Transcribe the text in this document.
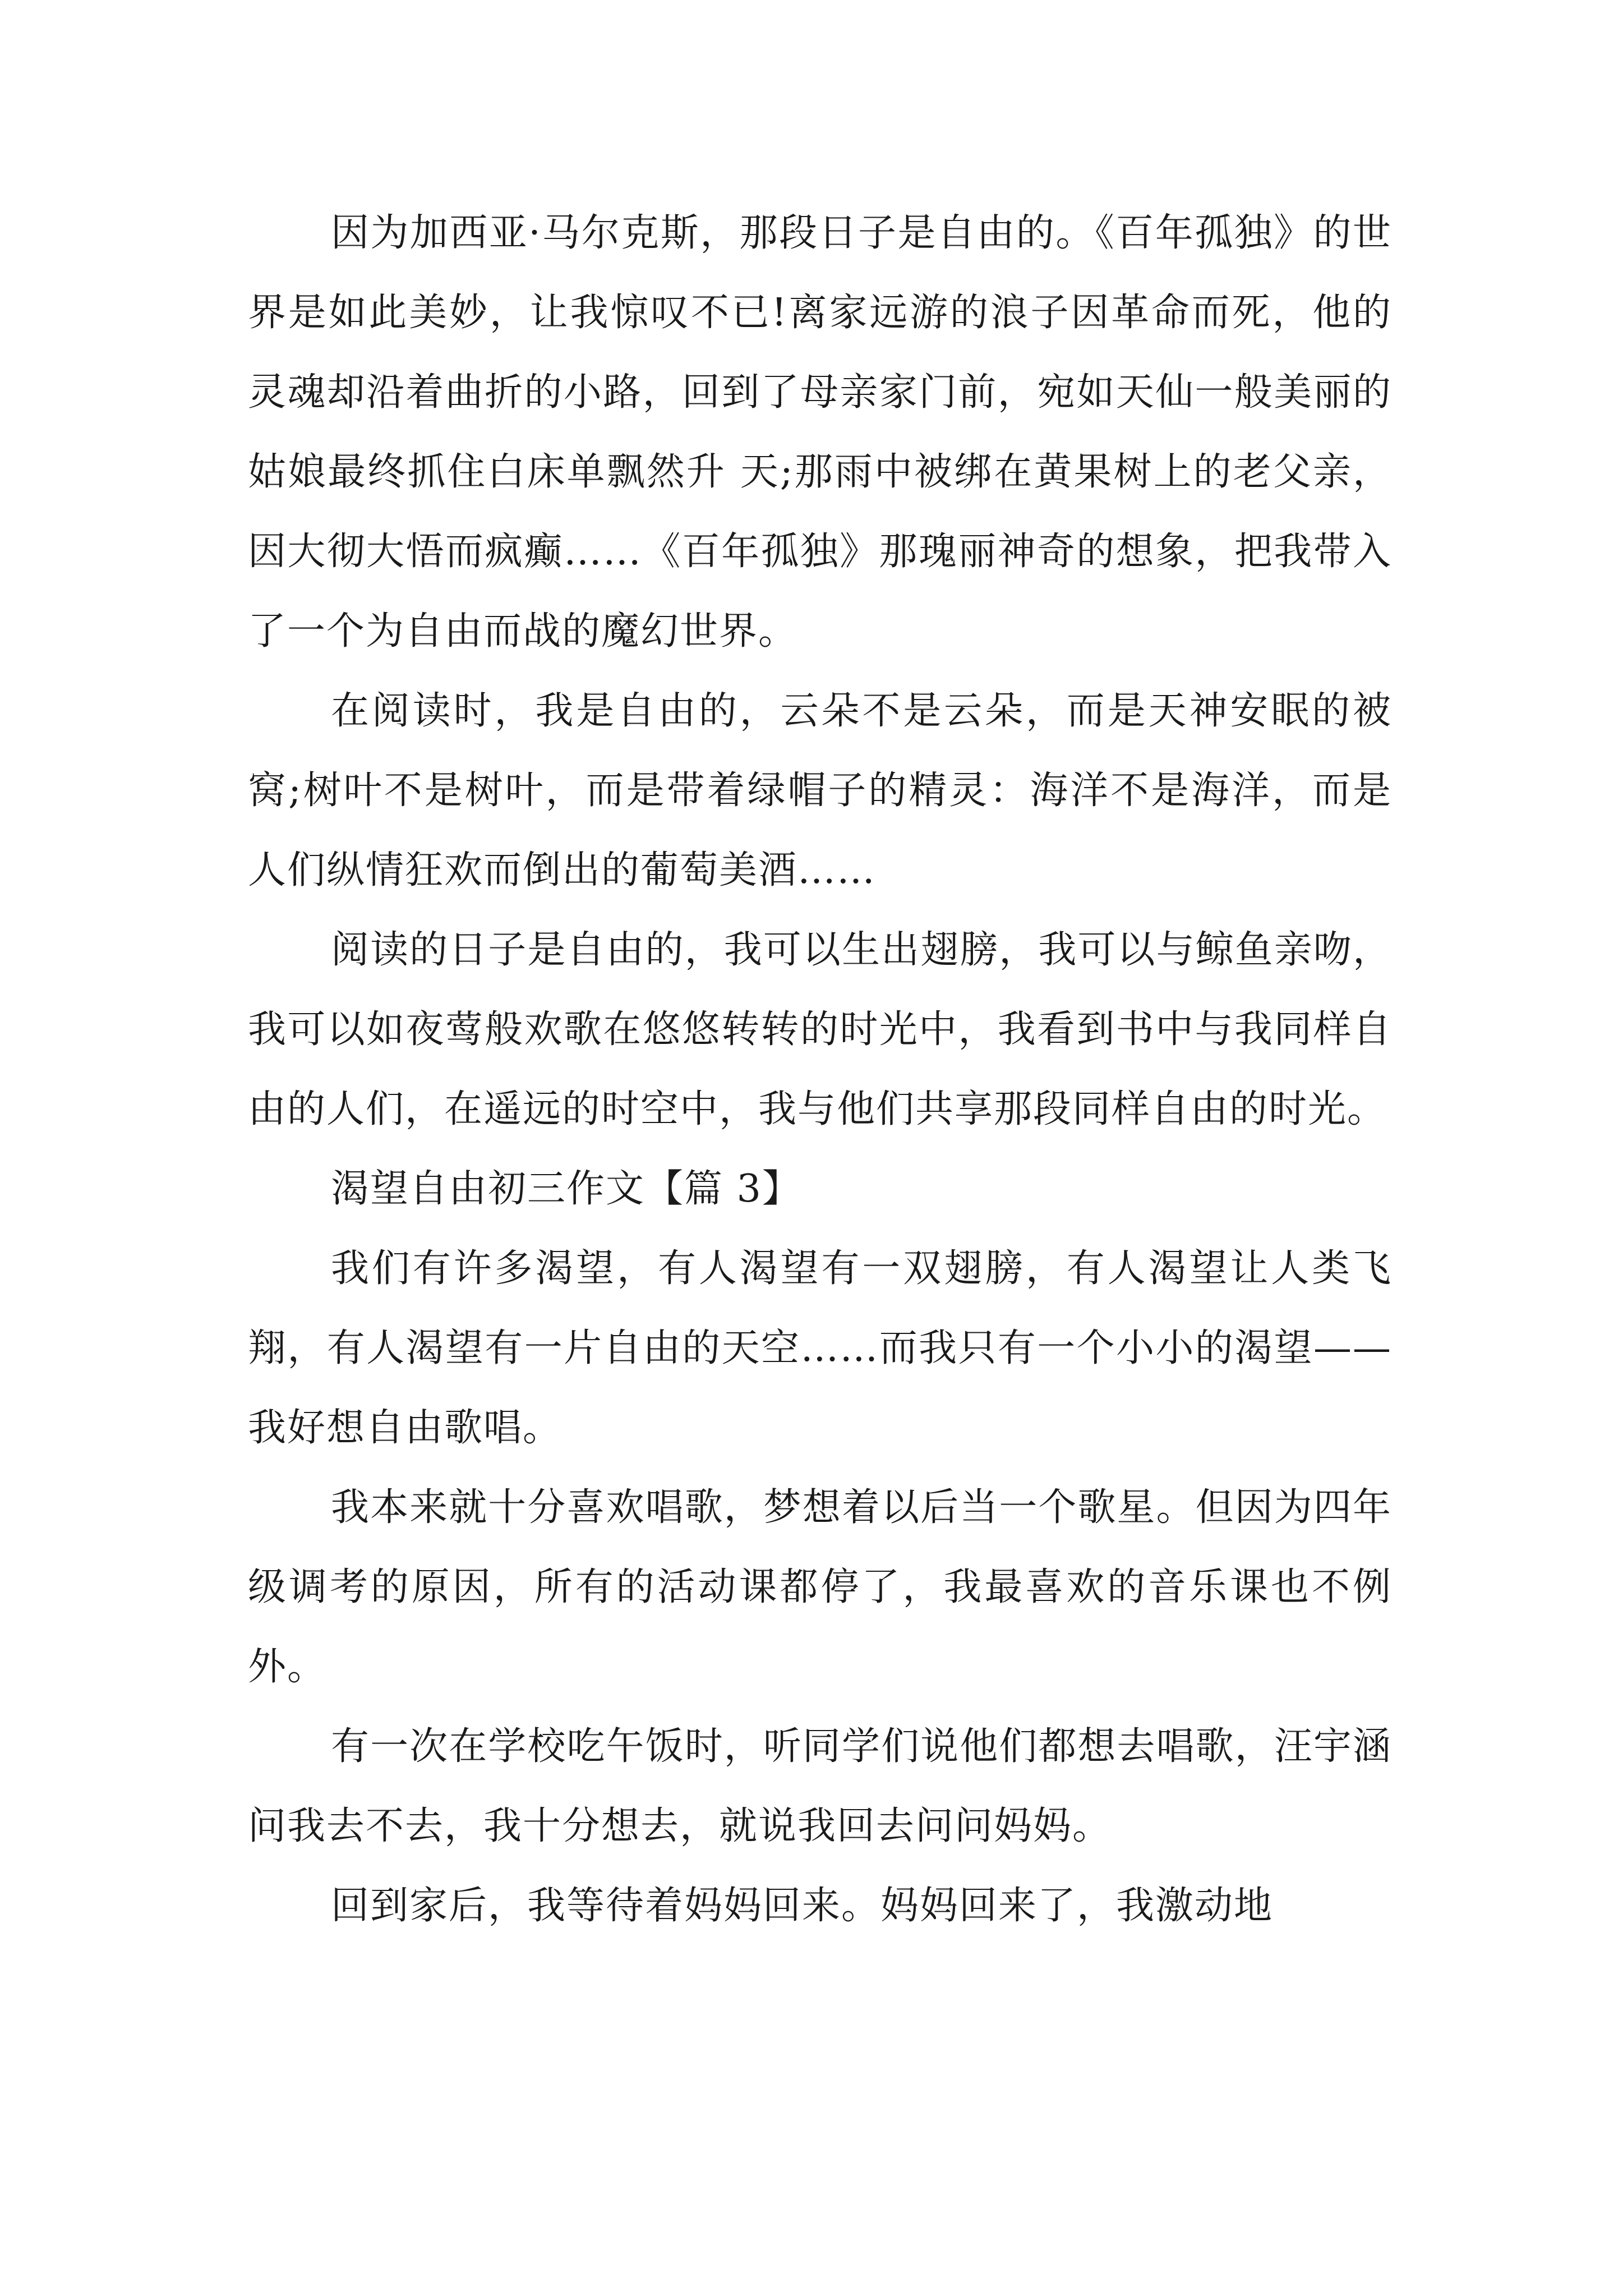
因为加西亚·马尔克斯，那段日子是自由的。《百年孤独》的世界是如此美妙，让我惊叹不已!离家远游的浪子因革命而死，他的灵魂却沿着曲折的小路，回到了母亲家门前，宛如天仙一般美丽的姑娘最终抓住白床单飘然升 天;那雨中被绑在黄果树上的老父亲，因大彻大悟而疯癫……《百年孤独》那瑰丽神奇的想象，把我带入了一个为自由而战的魔幻世界。

在阅读时，我是自由的，云朵不是云朵，而是天神安眠的被窝;树叶不是树叶，而是带着绿帽子的精灵：海洋不是海洋，而是人们纵情狂欢而倒出的葡萄美酒……

阅读的日子是自由的，我可以生出翅膀，我可以与鲸鱼亲吻，我可以如夜莺般欢歌在悠悠转转的时光中，我看到书中与我同样自由的人们，在遥远的时空中，我与他们共享那段同样自由的时光。

渴望自由初三作文【篇 3】

我们有许多渴望，有人渴望有一双翅膀，有人渴望让人类飞翔，有人渴望有一片自由的天空……而我只有一个小小的渴望——我好想自由歌唱。

我本来就十分喜欢唱歌，梦想着以后当一个歌星。但因为四年级调考的原因，所有的活动课都停了，我最喜欢的音乐课也不例外。

有一次在学校吃午饭时，听同学们说他们都想去唱歌，汪宇涵问我去不去，我十分想去，就说我回去问问妈妈。

回到家后，我等待着妈妈回来。妈妈回来了，我激动地
